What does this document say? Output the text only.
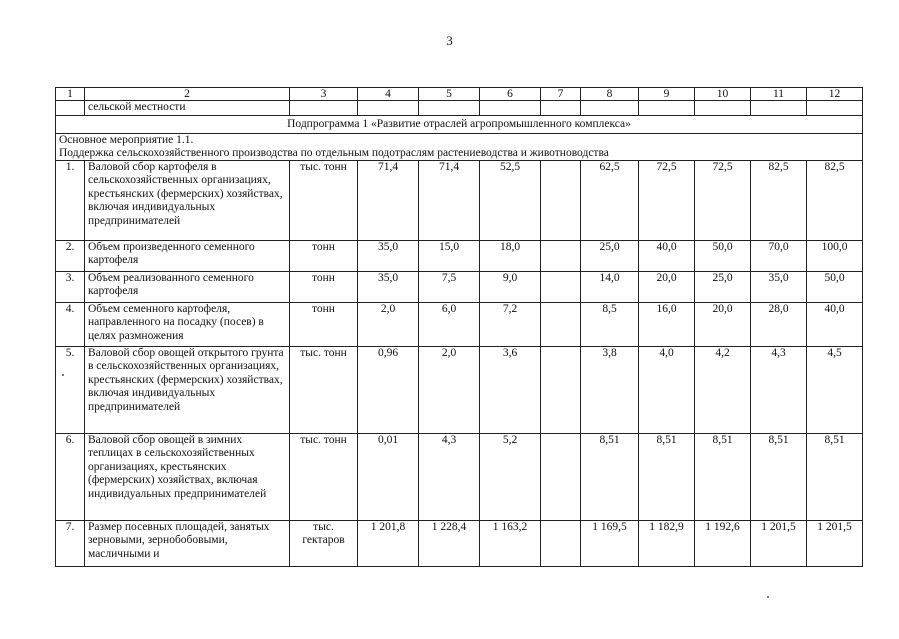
3
1	2	3	4	5	6	7	8	9	10	11	12
	сельской местности										
Подпрограмма 1 «Развитие отраслей агропромышленного комплекса»											

Основное мероприятие 1.1.
Поддержка сельскохозяйственного производства по отдельным подотраслям растениеводства и животноводства											

1.	Валовой сбор картофеля в сельскохозяйственных организациях, крестьянских (фермерских) хозяйствах, включая индивидуальных предпринимателей	тыс. тонн	71,4	71,4	52,5		62,5	72,5	72,5	82,5	82,5
2.	Объем произведенного семенного картофеля	тонн	35,0	15,0	18,0		25,0	40,0	50,0	70,0	100,0
3.	Объем реализованного семенного картофеля	тонн	35,0	7,5	9,0		14,0	20,0	25,0	35,0	50,0
4.	Объем семенного картофеля, направленного на посадку (посев) в целях размножения	тонн	2,0	6,0	7,2		8,5	16,0	20,0	28,0	40,0
5.	Валовой сбор овощей открытого грунта в сельскохозяйственных организациях, крестьянских (фермерских) хозяйствах, включая индивидуальных предпринимателей	тыс. тонн	0,96	2,0	3,6		3,8	4,0	4,2	4,3	4,5
6.	Валовой сбор овощей в зимних теплицах в сельскохозяйственных организациях, крестьянских (фермерских) хозяйствах, включая индивидуальных предпринимателей	тыс. тонн	0,01	4,3	5,2		8,51	8,51	8,51	8,51	8,51
7.	Размер посевных площадей, занятых зерновыми, зернобобовыми, масличными и	тыс. гектаров	1 201,8	1 228,4	1 163,2		1 169,5	1 182,9	1 192,6	1 201,5	1 201,5
